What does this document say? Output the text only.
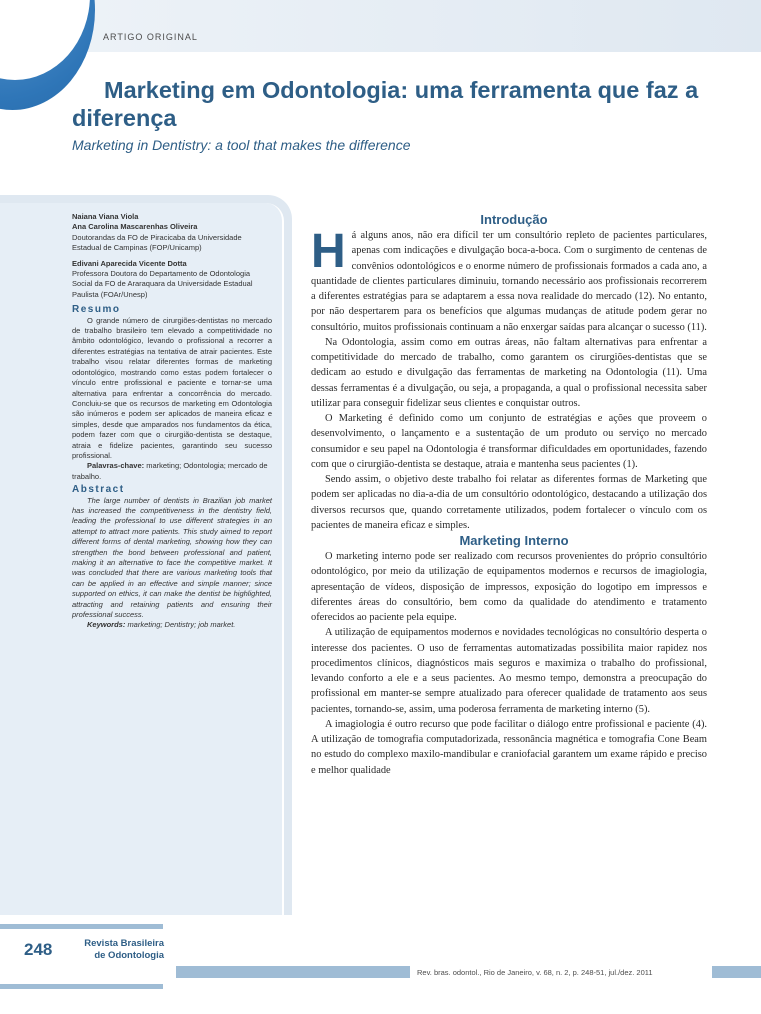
ARTIGO ORIGINAL
Marketing em Odontologia: uma ferramenta que faz a diferença

Marketing in Dentistry: a tool that makes the difference

Naiana Viana Viola

Ana Carolina Mascarenhas Oliveira

Doutorandas da FO de Piracicaba da Universidade Estadual de Campinas (FOP/Unicamp)

Edivani Aparecida Vicente Dotta

Professora Doutora do Departamento de Odontologia Social da FO de Araraquara da Universidade Estadual Paulista (FOAr/Unesp)

Resumo

O grande número de cirurgiões-dentistas no mercado de trabalho brasileiro tem elevado a competitividade no âmbito odontológico, levando o profissional a recorrer a diferentes estratégias na tentativa de atrair pacientes. Este trabalho visou relatar diferentes formas de marketing odontológico, mostrando como estas podem fortalecer o vínculo entre profissional e paciente e tornar-se uma alternativa para enfrentar a concorrência do mercado. Concluiu-se que os recursos de marketing em Odontologia são inúmeros e podem ser aplicados de maneira eficaz e simples, desde que amparados nos fundamentos da ética, podem fazer com que o cirurgião-dentista se destaque, atraia e fidelize pacientes, garantindo seu sucesso profissional.

Palavras-chave: marketing; Odontologia; mercado de trabalho.

Abstract

The large number of dentists in Brazilian job market has increased the competitiveness in the dentistry field, leading the professional to use different strategies in an attempt to attract more patients. This study aimed to report different forms of dental marketing, showing how they can strengthen the bond between professional and patient, making it an alternative to face the competitive market. It was concluded that there are various marketing tools that can be applied in an effective and simple manner; since supported on ethics, it can make the dentist be highlighted, attracting and retaining patients and ensuring their professional success.

Keywords: marketing; Dentistry; job market.

Introdução

Há alguns anos, não era difícil ter um consultório repleto de pacientes particulares, apenas com indicações e divulgação boca-a-boca. Com o surgimento de centenas de convênios odontológicos e o enorme número de profissionais formados a cada ano, a quantidade de clientes particulares diminuiu, tornando necessário aos profissionais recorrerem a diferentes estratégias para se adaptarem a essa nova realidade do mercado (12). No entanto, por não despertarem para os benefícios que algumas mudanças de atitude podem gerar no consultório, muitos profissionais continuam a não enxergar saídas para alcançar o sucesso (11).

Na Odontologia, assim como em outras áreas, não faltam alternativas para enfrentar a competitividade do mercado de trabalho, como garantem os cirurgiões-dentistas que se dedicam ao estudo e divulgação das ferramentas de marketing na Odontologia (11). Uma dessas ferramentas é a divulgação, ou seja, a propaganda, a qual o profissional necessita saber utilizar para conseguir fidelizar seus clientes e conquistar outros.

O Marketing é definido como um conjunto de estratégias e ações que proveem o desenvolvimento, o lançamento e a sustentação de um produto ou serviço no mercado consumidor e seu papel na Odontologia é transformar dificuldades em oportunidades, fazendo com que o cirurgião-dentista se destaque, atraia e mantenha seus pacientes (1).

Sendo assim, o objetivo deste trabalho foi relatar as diferentes formas de Marketing que podem ser aplicadas no dia-a-dia de um consultório odontológico, destacando a utilização dos diversos recursos que, quando corretamente utilizados, podem fortalecer o vínculo com os pacientes de maneira eficaz e simples.

Marketing Interno

O marketing interno pode ser realizado com recursos provenientes do próprio consultório odontológico, por meio da utilização de equipamentos modernos e recursos de imagiologia, apresentação de vídeos, disposição de impressos, exposição do logotipo em impressos e diferentes áreas do consultório, bem como da qualidade do atendimento e tratamento oferecidos ao paciente pela equipe.

A utilização de equipamentos modernos e novidades tecnológicas no consultório desperta o interesse dos pacientes. O uso de ferramentas automatizadas possibilita maior rapidez nos procedimentos clínicos, diagnósticos mais seguros e maximiza o trabalho do profissional, levando conforto a ele e a seus pacientes. Ao mesmo tempo, demonstra a preocupação do profissional em manter-se sempre atualizado para oferecer qualidade de tratamento aos seus pacientes, tornando-se, assim, uma poderosa ferramenta de marketing interno (5).

A imagiologia é outro recurso que pode facilitar o diálogo entre profissional e paciente (4). A utilização de tomografia computadorizada, ressonância magnética e tomografia Cone Beam no estudo do complexo maxilo-mandibular e craniofacial garantem um exame rápido e preciso e melhor qualidade

248	Revista Brasileira
de Odontologia
Rev. bras. odontol., Rio de Janeiro, v. 68, n. 2, p. 248-51, jul./dez. 2011
